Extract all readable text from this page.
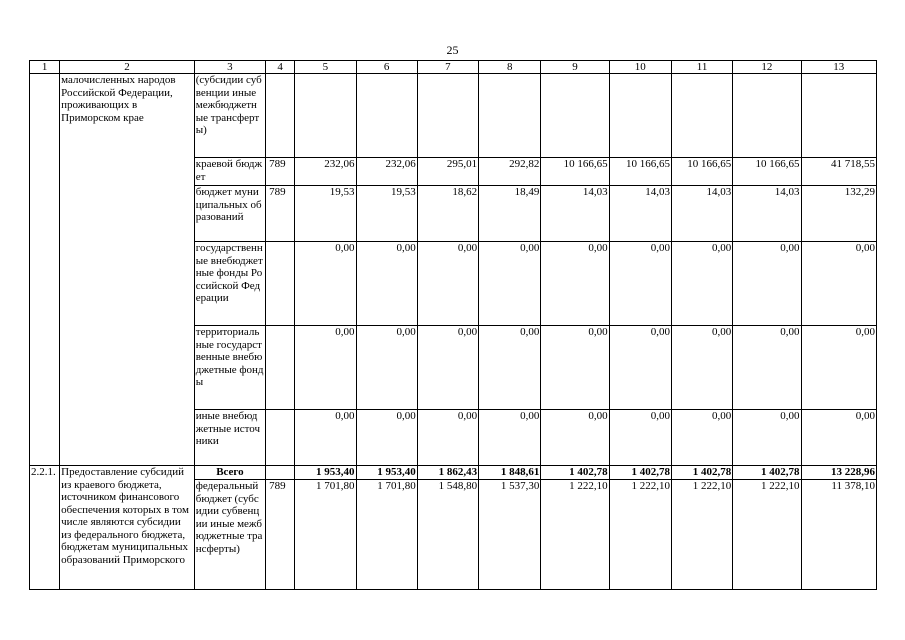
25
1	2	3	4	5	6	7	8	9	10	11	12	13
	малочисленных народов Российской Федерации, проживающих в Приморском крае	(субсидии субвенции иные межбюджетные трансферты)										
		краевой бюджет	789	232,06	232,06	295,01	292,82	10 166,65	10 166,65	10 166,65	10 166,65	41 718,55
		бюджет муниципальных образований	789	19,53	19,53	18,62	18,49	14,03	14,03	14,03	14,03	132,29
		государственные внебюджетные фонды Российской Федерации		0,00	0,00	0,00	0,00	0,00	0,00	0,00	0,00	0,00
		территориальные государственные внебюджетные фонды		0,00	0,00	0,00	0,00	0,00	0,00	0,00	0,00	0,00
		иные внебюджетные источники		0,00	0,00	0,00	0,00	0,00	0,00	0,00	0,00	0,00
2.2.1.	Предоставление субсидий из краевого бюджета, источником финансового обеспечения которых в том числе являются субсидии из федерального бюджета, бюджетам муниципальных образований Приморского	Всего		1 953,40	1 953,40	1 862,43	1 848,61	1 402,78	1 402,78	1 402,78	1 402,78	13 228,96
		федеральный бюджет (субсидии субвенции иные межбюджетные трансферты)	789	1 701,80	1 701,80	1 548,80	1 537,30	1 222,10	1 222,10	1 222,10	1 222,10	11 378,10
